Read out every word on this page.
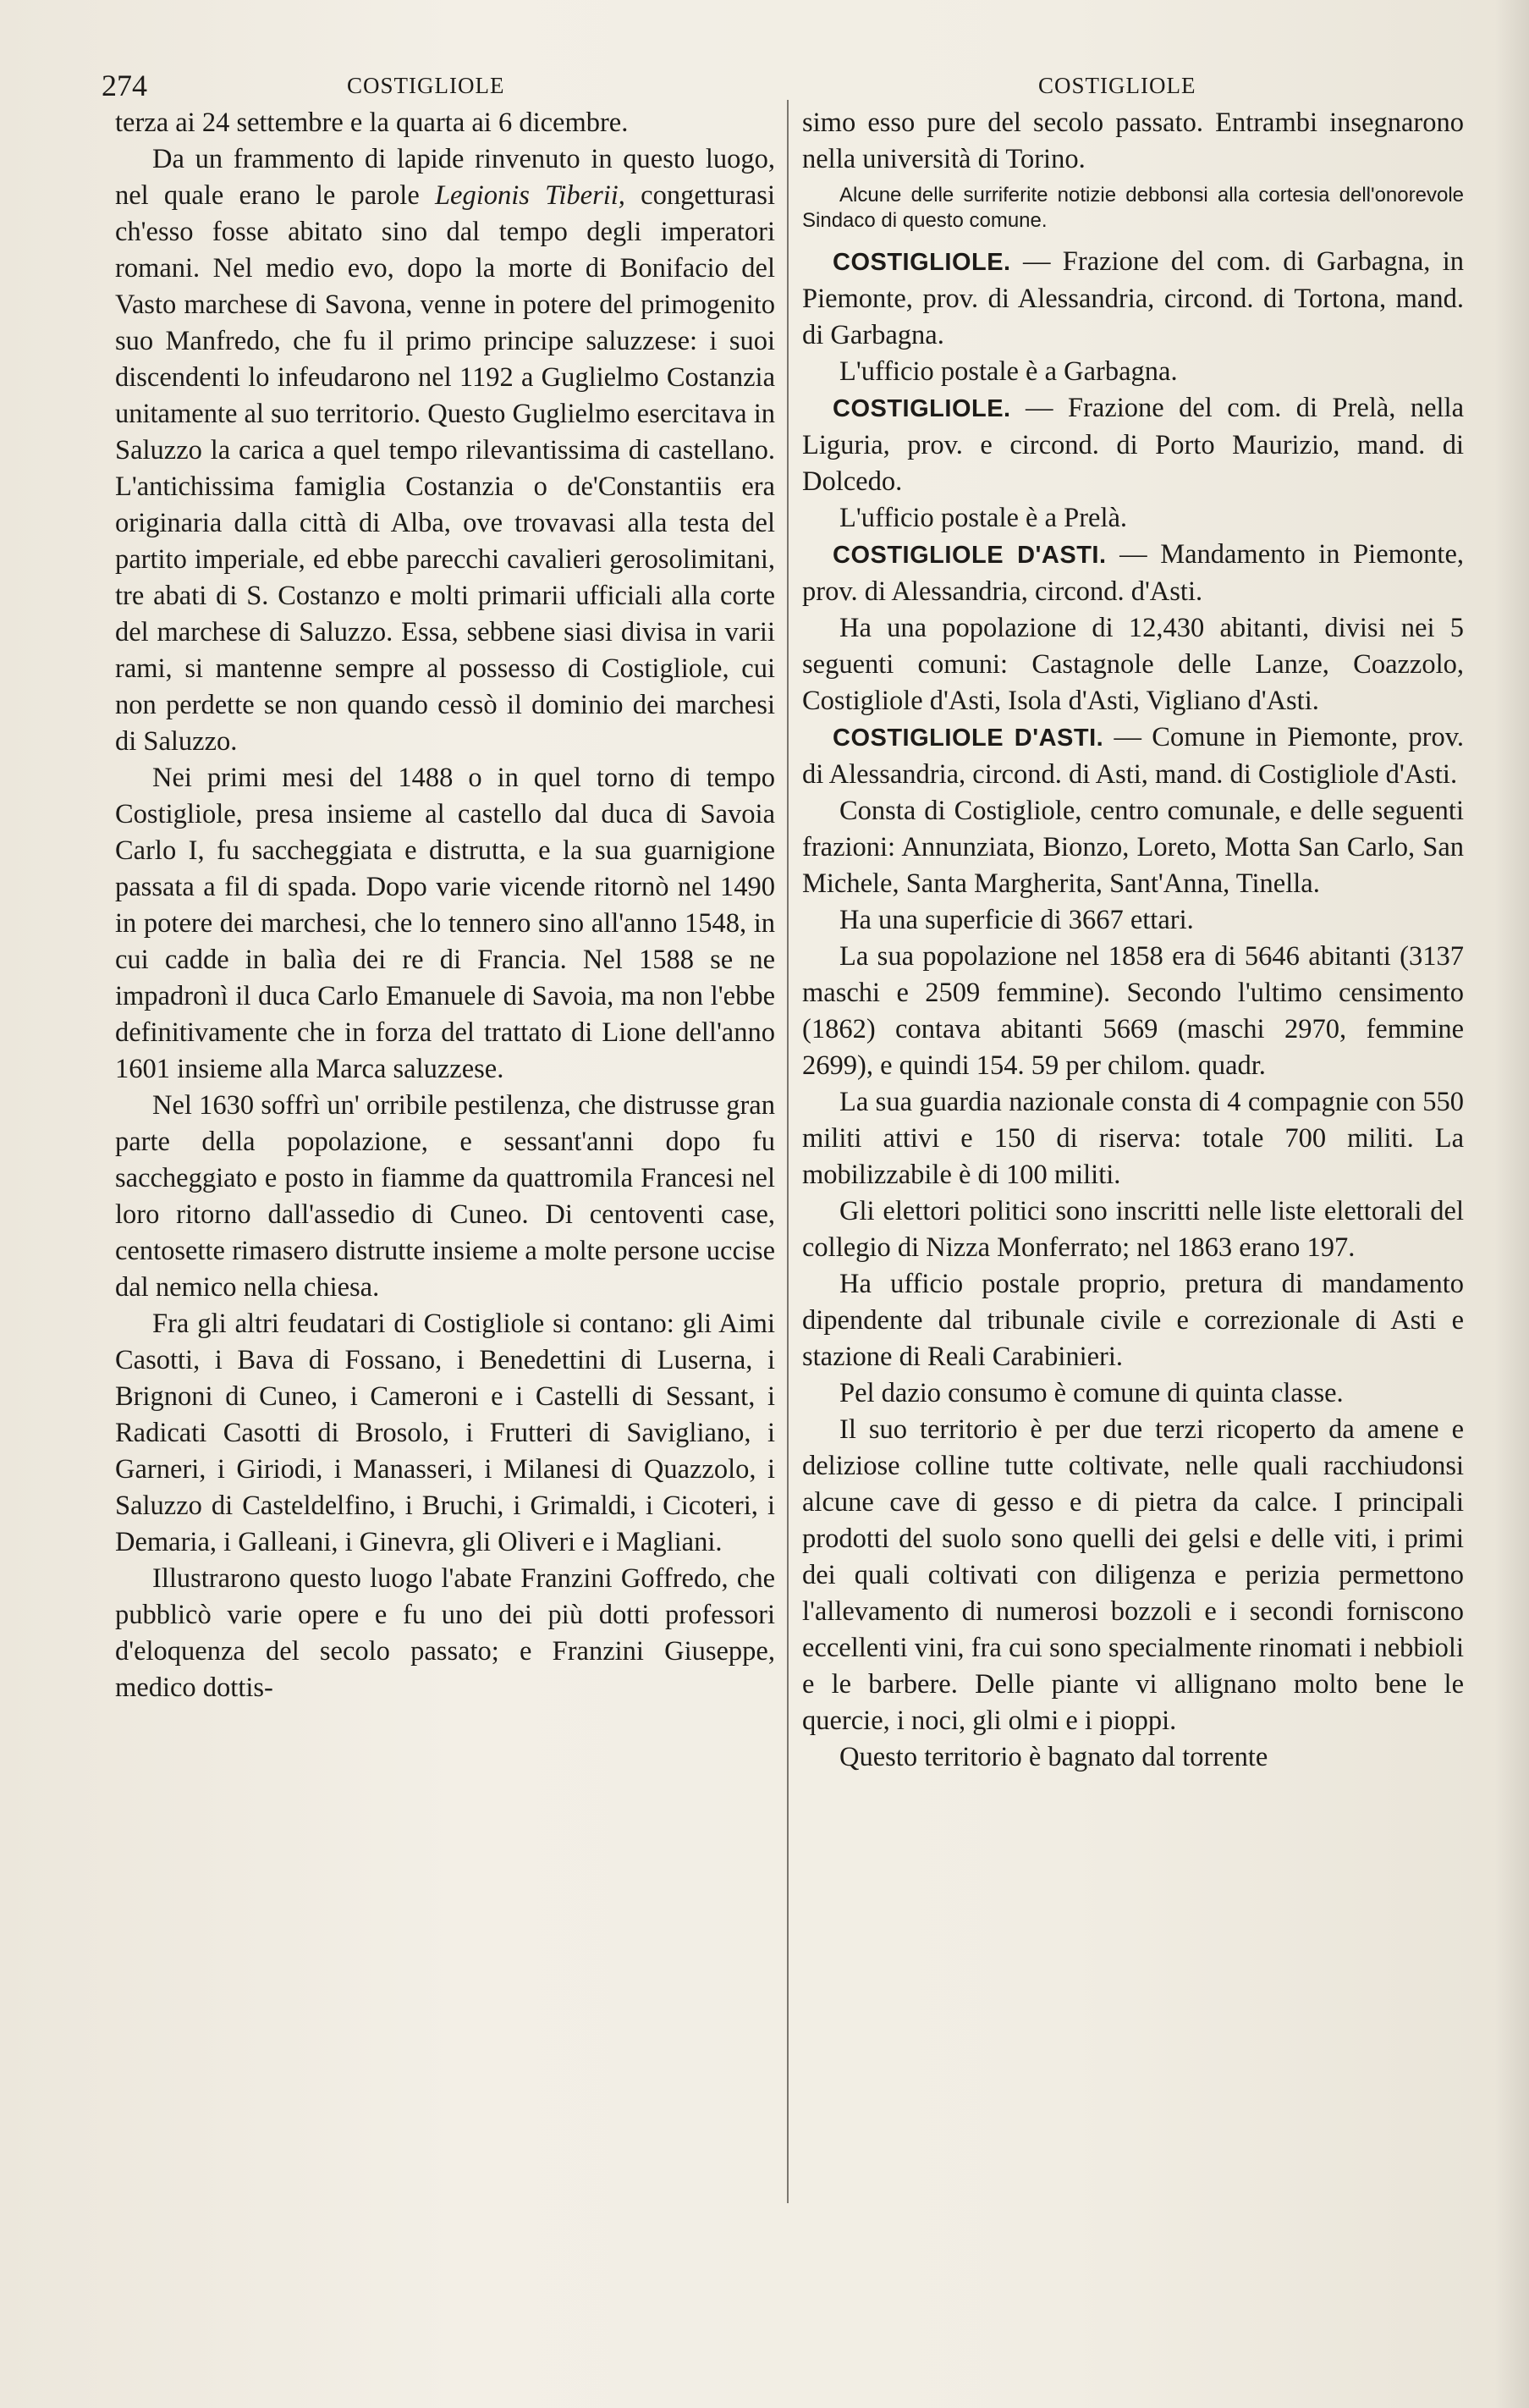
274	COSTIGLIOLE	COSTIGLIOLE

terza ai 24 settembre e la quarta ai 6 dicembre.

Da un frammento di lapide rinvenuto in questo luogo, nel quale erano le parole Legionis Tiberii, congetturasi ch'esso fosse abitato sino dal tempo degli imperatori romani. Nel medio evo, dopo la morte di Bonifacio del Vasto marchese di Savona, venne in potere del primogenito suo Manfredo, che fu il primo principe saluzzese: i suoi discendenti lo infeudarono nel 1192 a Guglielmo Costanzia unitamente al suo territorio. Questo Guglielmo esercitava in Saluzzo la carica a quel tempo rilevantissima di castellano. L'antichissima famiglia Costanzia o de'Constantiis era originaria dalla città di Alba, ove trovavasi alla testa del partito imperiale, ed ebbe parecchi cavalieri gerosolimitani, tre abati di S. Costanzo e molti primarii ufficiali alla corte del marchese di Saluzzo. Essa, sebbene siasi divisa in varii rami, si mantenne sempre al possesso di Costigliole, cui non perdette se non quando cessò il dominio dei marchesi di Saluzzo.

Nei primi mesi del 1488 o in quel torno di tempo Costigliole, presa insieme al castello dal duca di Savoia Carlo I, fu saccheggiata e distrutta, e la sua guarnigione passata a fil di spada. Dopo varie vicende ritornò nel 1490 in potere dei marchesi, che lo tennero sino all'anno 1548, in cui cadde in balìa dei re di Francia. Nel 1588 se ne impadronì il duca Carlo Emanuele di Savoia, ma non l'ebbe definitivamente che in forza del trattato di Lione dell'anno 1601 insieme alla Marca saluzzese.

Nel 1630 soffrì un' orribile pestilenza, che distrusse gran parte della popolazione, e sessant'anni dopo fu saccheggiato e posto in fiamme da quattromila Francesi nel loro ritorno dall'assedio di Cuneo. Di centoventi case, centosette rimasero distrutte insieme a molte persone uccise dal nemico nella chiesa.

Fra gli altri feudatari di Costigliole si contano: gli Aimi Casotti, i Bava di Fossano, i Benedettini di Luserna, i Brignoni di Cuneo, i Cameroni e i Castelli di Sessant, i Radicati Casotti di Brosolo, i Frutteri di Savigliano, i Garneri, i Giriodi, i Manasseri, i Milanesi di Quazzolo, i Saluzzo di Casteldelfino, i Bruchi, i Grimaldi, i Cicoteri, i Demaria, i Galleani, i Ginevra, gli Oliveri e i Magliani.

Illustrarono questo luogo l'abate Franzini Goffredo, che pubblicò varie opere e fu uno dei più dotti professori d'eloquenza del secolo passato; e Franzini Giuseppe, medico dottis-

simo esso pure del secolo passato. Entrambi insegnarono nella università di Torino.

Alcune delle surriferite notizie debbonsi alla cortesia dell'onorevole Sindaco di questo comune.

COSTIGLIOLE. — Frazione del com. di Garbagna, in Piemonte, prov. di Alessandria, circond. di Tortona, mand. di Garbagna.

L'ufficio postale è a Garbagna.

COSTIGLIOLE. — Frazione del com. di Prelà, nella Liguria, prov. e circond. di Porto Maurizio, mand. di Dolcedo.

L'ufficio postale è a Prelà.

COSTIGLIOLE D'ASTI. — Mandamento in Piemonte, prov. di Alessandria, circond. d'Asti.

Ha una popolazione di 12,430 abitanti, divisi nei 5 seguenti comuni: Castagnole delle Lanze, Coazzolo, Costigliole d'Asti, Isola d'Asti, Vigliano d'Asti.

COSTIGLIOLE D'ASTI. — Comune in Piemonte, prov. di Alessandria, circond. di Asti, mand. di Costigliole d'Asti.

Consta di Costigliole, centro comunale, e delle seguenti frazioni: Annunziata, Bionzo, Loreto, Motta San Carlo, San Michele, Santa Margherita, Sant'Anna, Tinella.

Ha una superficie di 3667 ettari.

La sua popolazione nel 1858 era di 5646 abitanti (3137 maschi e 2509 femmine). Secondo l'ultimo censimento (1862) contava abitanti 5669 (maschi 2970, femmine 2699), e quindi 154. 59 per chilom. quadr.

La sua guardia nazionale consta di 4 compagnie con 550 militi attivi e 150 di riserva: totale 700 militi. La mobilizzabile è di 100 militi.

Gli elettori politici sono inscritti nelle liste elettorali del collegio di Nizza Monferrato; nel 1863 erano 197.

Ha ufficio postale proprio, pretura di mandamento dipendente dal tribunale civile e correzionale di Asti e stazione di Reali Carabinieri.

Pel dazio consumo è comune di quinta classe.

Il suo territorio è per due terzi ricoperto da amene e deliziose colline tutte coltivate, nelle quali racchiudonsi alcune cave di gesso e di pietra da calce. I principali prodotti del suolo sono quelli dei gelsi e delle viti, i primi dei quali coltivati con diligenza e perizia permettono l'allevamento di numerosi bozzoli e i secondi forniscono eccellenti vini, fra cui sono specialmente rinomati i nebbioli e le barbere. Delle piante vi allignano molto bene le quercie, i noci, gli olmi e i pioppi.

Questo territorio è bagnato dal torrente
